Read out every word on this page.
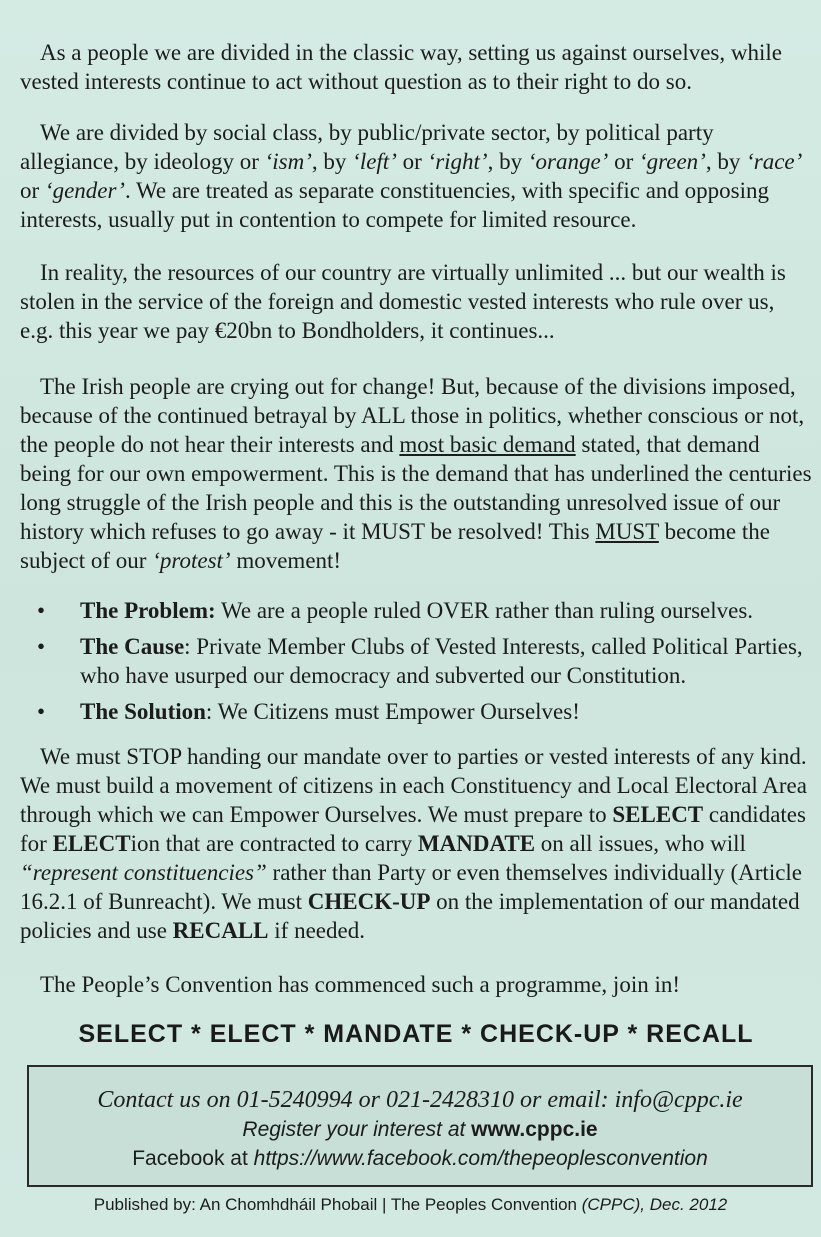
As a people we are divided in the classic way, setting us against ourselves, while vested interests continue to act without question as to their right to do so.

We are divided by social class, by public/private sector, by political party allegiance, by ideology or ‘ism’, by ‘left’ or ‘right’, by ‘orange’ or ‘green’, by ‘race’ or ‘gender’. We are treated as separate constituencies, with specific and opposing interests, usually put in contention to compete for limited resource.

In reality, the resources of our country are virtually unlimited ... but our wealth is stolen in the service of the foreign and domestic vested interests who rule over us, e.g. this year we pay €20bn to Bondholders, it continues...

The Irish people are crying out for change! But, because of the divisions imposed, because of the continued betrayal by ALL those in politics, whether conscious or not, the people do not hear their interests and most basic demand stated, that demand being for our own empowerment. This is the demand that has underlined the centuries long struggle of the Irish people and this is the outstanding unresolved issue of our history which refuses to go away - it MUST be resolved! This MUST become the subject of our ‘protest’ movement!

• The Problem: We are a people ruled OVER rather than ruling ourselves.
• The Cause: Private Member Clubs of Vested Interests, called Political Parties, who have usurped our democracy and subverted our Constitution.
• The Solution: We Citizens must Empower Ourselves!

We must STOP handing our mandate over to parties or vested interests of any kind. We must build a movement of citizens in each Constituency and Local Electoral Area through which we can Empower Ourselves. We must prepare to SELECT candidates for ELECTion that are contracted to carry MANDATE on all issues, who will “represent constituencies” rather than Party or even themselves individually (Article 16.2.1 of Bunreacht). We must CHECK-UP on the implementation of our mandated policies and use RECALL if needed.

The People’s Convention has commenced such a programme, join in!

SELECT * ELECT * MANDATE * CHECK-UP * RECALL
Contact us on 01-5240994 or 021-2428310 or email: info@cppc.ie
Register your interest at www.cppc.ie
Facebook at https://www.facebook.com/thepeoplesconvention
Published by: An Chomhdháil Phobail | The Peoples Convention (CPPC), Dec. 2012
